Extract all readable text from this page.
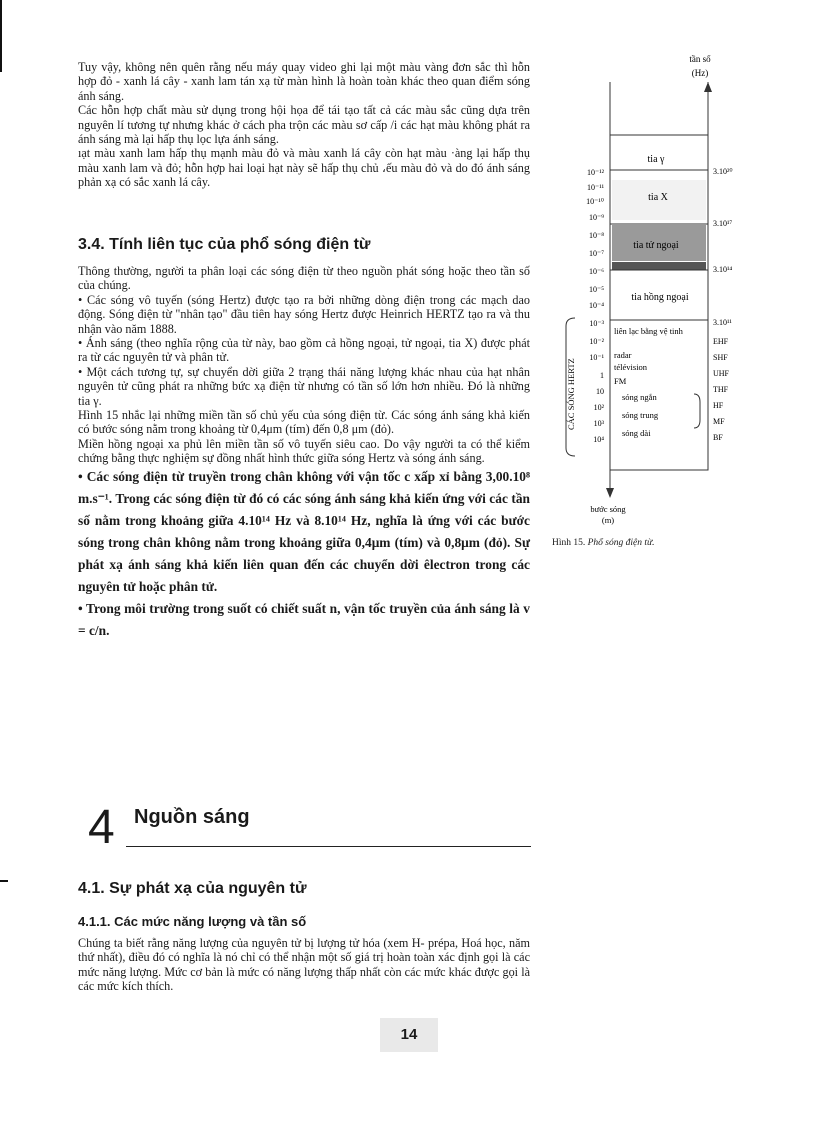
Tuy vậy, không nên quên rằng nếu máy quay video ghi lại một màu vàng đơn sắc thì hỗn hợp đỏ - xanh lá cây - xanh lam tán xạ từ màn hình là hoàn toàn khác theo quan điểm sóng ánh sáng.

Các hỗn hợp chất màu sử dụng trong hội họa để tái tạo tất cả các màu sắc cũng dựa trên nguyên lí tương tự nhưng khác ở cách pha trộn các màu sơ cấp /i các hạt màu không phát ra ánh sáng mà lại hấp thụ lọc lựa ánh sáng.

ıạt màu xanh lam hấp thụ mạnh màu đỏ và màu xanh lá cây còn hạt màu ·àng lại hấp thụ màu xanh lam và đỏ; hỗn hợp hai loại hạt này sẽ hấp thụ chủ ،ếu màu đỏ và do đó ánh sáng phản xạ có sắc xanh lá cây.

3.4. Tính liên tục của phổ sóng điện từ

Thông thường, người ta phân loại các sóng điện từ theo nguồn phát sóng hoặc theo tần số của chúng.

• Các sóng vô tuyến (sóng Hertz) được tạo ra bởi những dòng điện trong các mạch dao động. Sóng điện từ "nhân tạo" đầu tiên hay sóng Hertz được Heinrich HERTZ tạo ra và thu nhận vào năm 1888.

• Ánh sáng (theo nghĩa rộng của từ này, bao gồm cả hồng ngoại, tử ngoại, tia X) được phát ra từ các nguyên tử và phân tử.

• Một cách tương tự, sự chuyển dời giữa 2 trạng thái năng lượng khác nhau của hạt nhân nguyên tử cũng phát ra những bức xạ điện từ nhưng có tần số lớn hơn nhiều. Đó là những tia γ.

Hình 15 nhắc lại những miền tần số chủ yếu của sóng điện từ. Các sóng ánh sáng khả kiến có bước sóng nằm trong khoảng từ 0,4μm (tím) đến 0,8 μm (đỏ).

Miền hồng ngoại xa phủ lên miền tần số vô tuyến siêu cao. Do vậy người ta có thể kiểm chứng bằng thực nghiệm sự đồng nhất hình thức giữa sóng Hertz và sóng ánh sáng.

• Các sóng điện từ truyền trong chân không với vận tốc c xấp xỉ bằng 3,00.10⁸ m.s⁻¹. Trong các sóng điện từ đó có các sóng ánh sáng khả kiến ứng với các tần số nằm trong khoảng giữa 4.10¹⁴ Hz và 8.10¹⁴ Hz, nghĩa là ứng với các bước sóng trong chân không nằm trong khoảng giữa 0,4μm (tím) và 0,8μm (đỏ). Sự phát xạ ánh sáng khả kiến liên quan đến các chuyển dời êlectron trong các nguyên tử hoặc phân tử.

• Trong môi trường trong suốt có chiết suất n, vận tốc truyền của ánh sáng là v = c/n.

4 Nguồn sáng
4.1. Sự phát xạ của nguyên tử
4.1.1. Các mức năng lượng và tần số

Chúng ta biết rằng năng lượng của nguyên tử bị lượng tử hóa (xem H- prépa, Hoá học, năm thứ nhất), điều đó có nghĩa là nó chỉ có thể nhận một số giá trị hoàn toàn xác định gọi là các mức năng lượng. Mức cơ bản là mức có năng lượng thấp nhất còn các mức khác được gọi là các mức kích thích.

tần số
(Hz)
tia γ
tia X
tia tử ngoại
tia hồng ngoại
liên lạc bằng vệ tinh
radar
télévision
FM
sóng ngắn
sóng trung
sóng dài
10⁻¹²
10⁻¹¹
10⁻¹⁰
10⁻⁹
10⁻⁸
10⁻⁷
10⁻⁶
10⁻⁵
10⁻⁴
10⁻³
10⁻²
10⁻¹
1
10
10²
10³
10⁴
3.10²⁰
3.10¹⁷
3.10¹⁴
3.10¹¹
EHF
SHF
UHF
THF
HF
MF
BF
CÁC SÓNG HERTZ
bước sóng
(m)
Hình 15. Phổ sóng điện từ.
14
